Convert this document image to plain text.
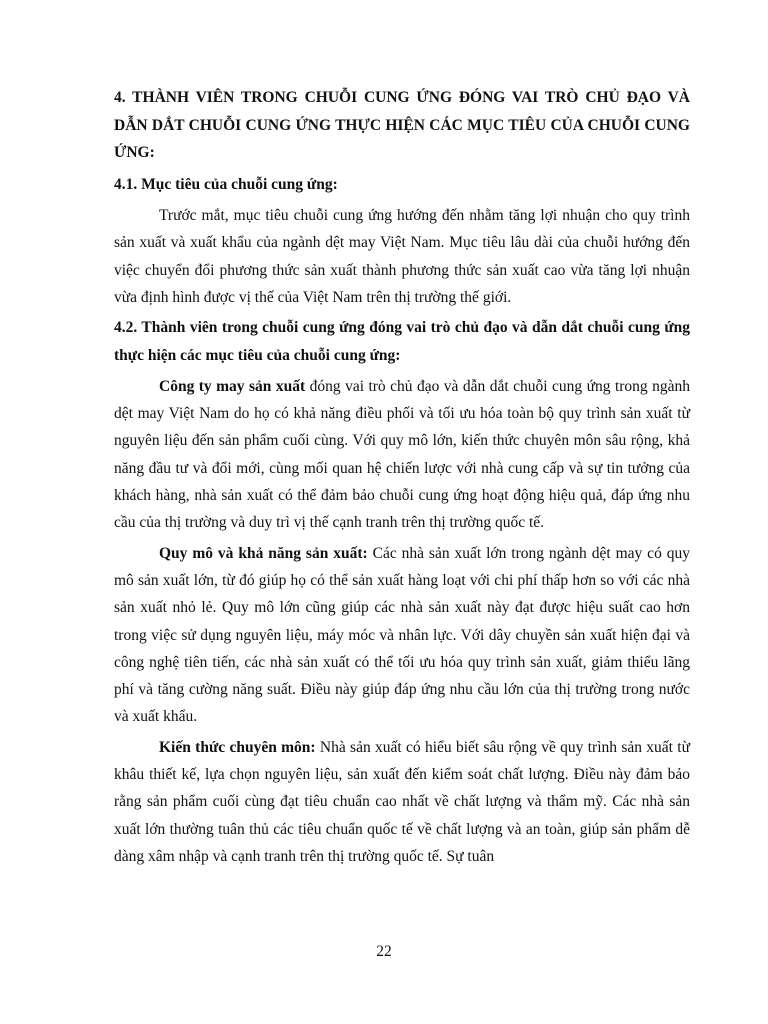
4. THÀNH VIÊN TRONG CHUỖI CUNG ỨNG ĐÓNG VAI TRÒ CHỦ ĐẠO VÀ DẪN DẮT CHUỖI CUNG ỨNG THỰC HIỆN CÁC MỤC TIÊU CỦA CHUỖI CUNG ỨNG:
4.1. Mục tiêu của chuỗi cung ứng:
Trước mắt, mục tiêu chuỗi cung ứng hướng đến nhằm tăng lợi nhuận cho quy trình sản xuất và xuất khẩu của ngành dệt may Việt Nam. Mục tiêu lâu dài của chuỗi hướng đến việc chuyển đổi phương thức sản xuất thành phương thức sản xuất cao vừa tăng lợi nhuận vừa định hình được vị thế của Việt Nam trên thị trường thế giới.
4.2. Thành viên trong chuỗi cung ứng đóng vai trò chủ đạo và dẫn dắt chuỗi cung ứng thực hiện các mục tiêu của chuỗi cung ứng:
Công ty may sản xuất đóng vai trò chủ đạo và dẫn dắt chuỗi cung ứng trong ngành dệt may Việt Nam do họ có khả năng điều phối và tối ưu hóa toàn bộ quy trình sản xuất từ nguyên liệu đến sản phẩm cuối cùng. Với quy mô lớn, kiến thức chuyên môn sâu rộng, khả năng đầu tư và đổi mới, cùng mối quan hệ chiến lược với nhà cung cấp và sự tin tưởng của khách hàng, nhà sản xuất có thể đảm bảo chuỗi cung ứng hoạt động hiệu quả, đáp ứng nhu cầu của thị trường và duy trì vị thế cạnh tranh trên thị trường quốc tế.
Quy mô và khả năng sản xuất: Các nhà sản xuất lớn trong ngành dệt may có quy mô sản xuất lớn, từ đó giúp họ có thể sản xuất hàng loạt với chi phí thấp hơn so với các nhà sản xuất nhỏ lẻ. Quy mô lớn cũng giúp các nhà sản xuất này đạt được hiệu suất cao hơn trong việc sử dụng nguyên liệu, máy móc và nhân lực. Với dây chuyền sản xuất hiện đại và công nghệ tiên tiến, các nhà sản xuất có thể tối ưu hóa quy trình sản xuất, giảm thiểu lãng phí và tăng cường năng suất. Điều này giúp đáp ứng nhu cầu lớn của thị trường trong nước và xuất khẩu.
Kiến thức chuyên môn: Nhà sản xuất có hiểu biết sâu rộng về quy trình sản xuất từ khâu thiết kế, lựa chọn nguyên liệu, sản xuất đến kiểm soát chất lượng. Điều này đảm bảo rằng sản phẩm cuối cùng đạt tiêu chuẩn cao nhất về chất lượng và thẩm mỹ. Các nhà sản xuất lớn thường tuân thủ các tiêu chuẩn quốc tế về chất lượng và an toàn, giúp sản phẩm dễ dàng xâm nhập và cạnh tranh trên thị trường quốc tế. Sự tuân
22
